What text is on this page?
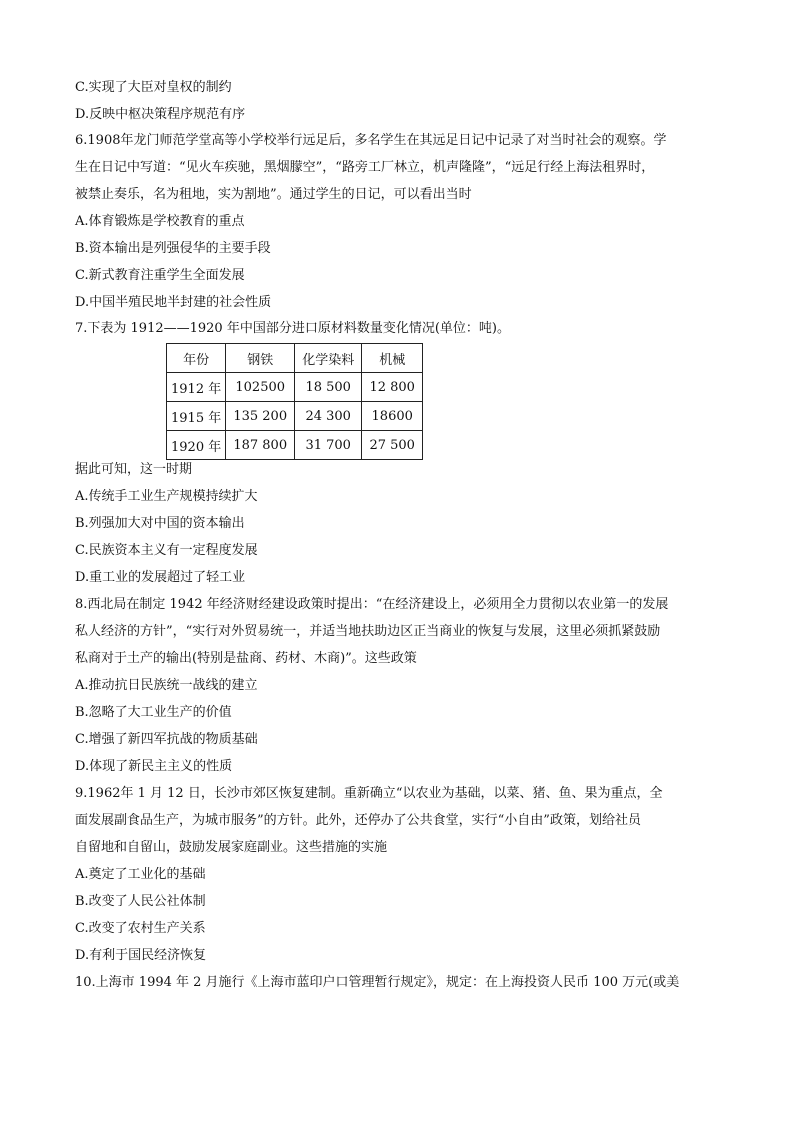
C.实现了大臣对皇权的制约
D.反映中枢决策程序规范有序
6.1908年龙门师范学堂高等小学校举行远足后，多名学生在其远足日记中记录了对当时社会的观察。学
生在日记中写道：“见火车疾驰，黑烟朦空”，“路旁工厂林立，机声隆隆”，“远足行经上海法租界时，
被禁止奏乐，名为租地，实为割地”。通过学生的日记，可以看出当时
A.体育锻炼是学校教育的重点
B.资本输出是列强侵华的主要手段
C.新式教育注重学生全面发展
D.中国半殖民地半封建的社会性质
7.下表为 1912——1920 年中国部分进口原材料数量变化情况(单位：吨)。
年份	钢铁	化学染料	机械
1912 年	102500	18 500	12 800
1915 年	135 200	24 300	18600
1920 年	187 800	31 700	27 500
据此可知，这一时期
A.传统手工业生产规模持续扩大
B.列强加大对中国的资本输出
C.民族资本主义有一定程度发展
D.重工业的发展超过了轻工业
8.西北局在制定 1942 年经济财经建设政策时提出：“在经济建设上，必须用全力贯彻以农业第一的发展
私人经济的方针”，“实行对外贸易统一，并适当地扶助边区正当商业的恢复与发展，这里必须抓紧鼓励
私商对于土产的输出(特别是盐商、药材、木商)”。这些政策
A.推动抗日民族统一战线的建立
B.忽略了大工业生产的价值
C.增强了新四军抗战的物质基础
D.体现了新民主主义的性质
9.1962年 1 月 12 日，长沙市郊区恢复建制。重新确立“以农业为基础，以菜、猪、鱼、果为重点，全
面发展副食品生产，为城市服务”的方针。此外，还停办了公共食堂，实行“小自由”政策，划给社员
自留地和自留山，鼓励发展家庭副业。这些措施的实施
A.奠定了工业化的基础
B.改变了人民公社体制
C.改变了农村生产关系
D.有利于国民经济恢复
10.上海市 1994 年 2 月施行《上海市蓝印户口管理暂行规定》，规定：在上海投资人民币 100 万元(或美
